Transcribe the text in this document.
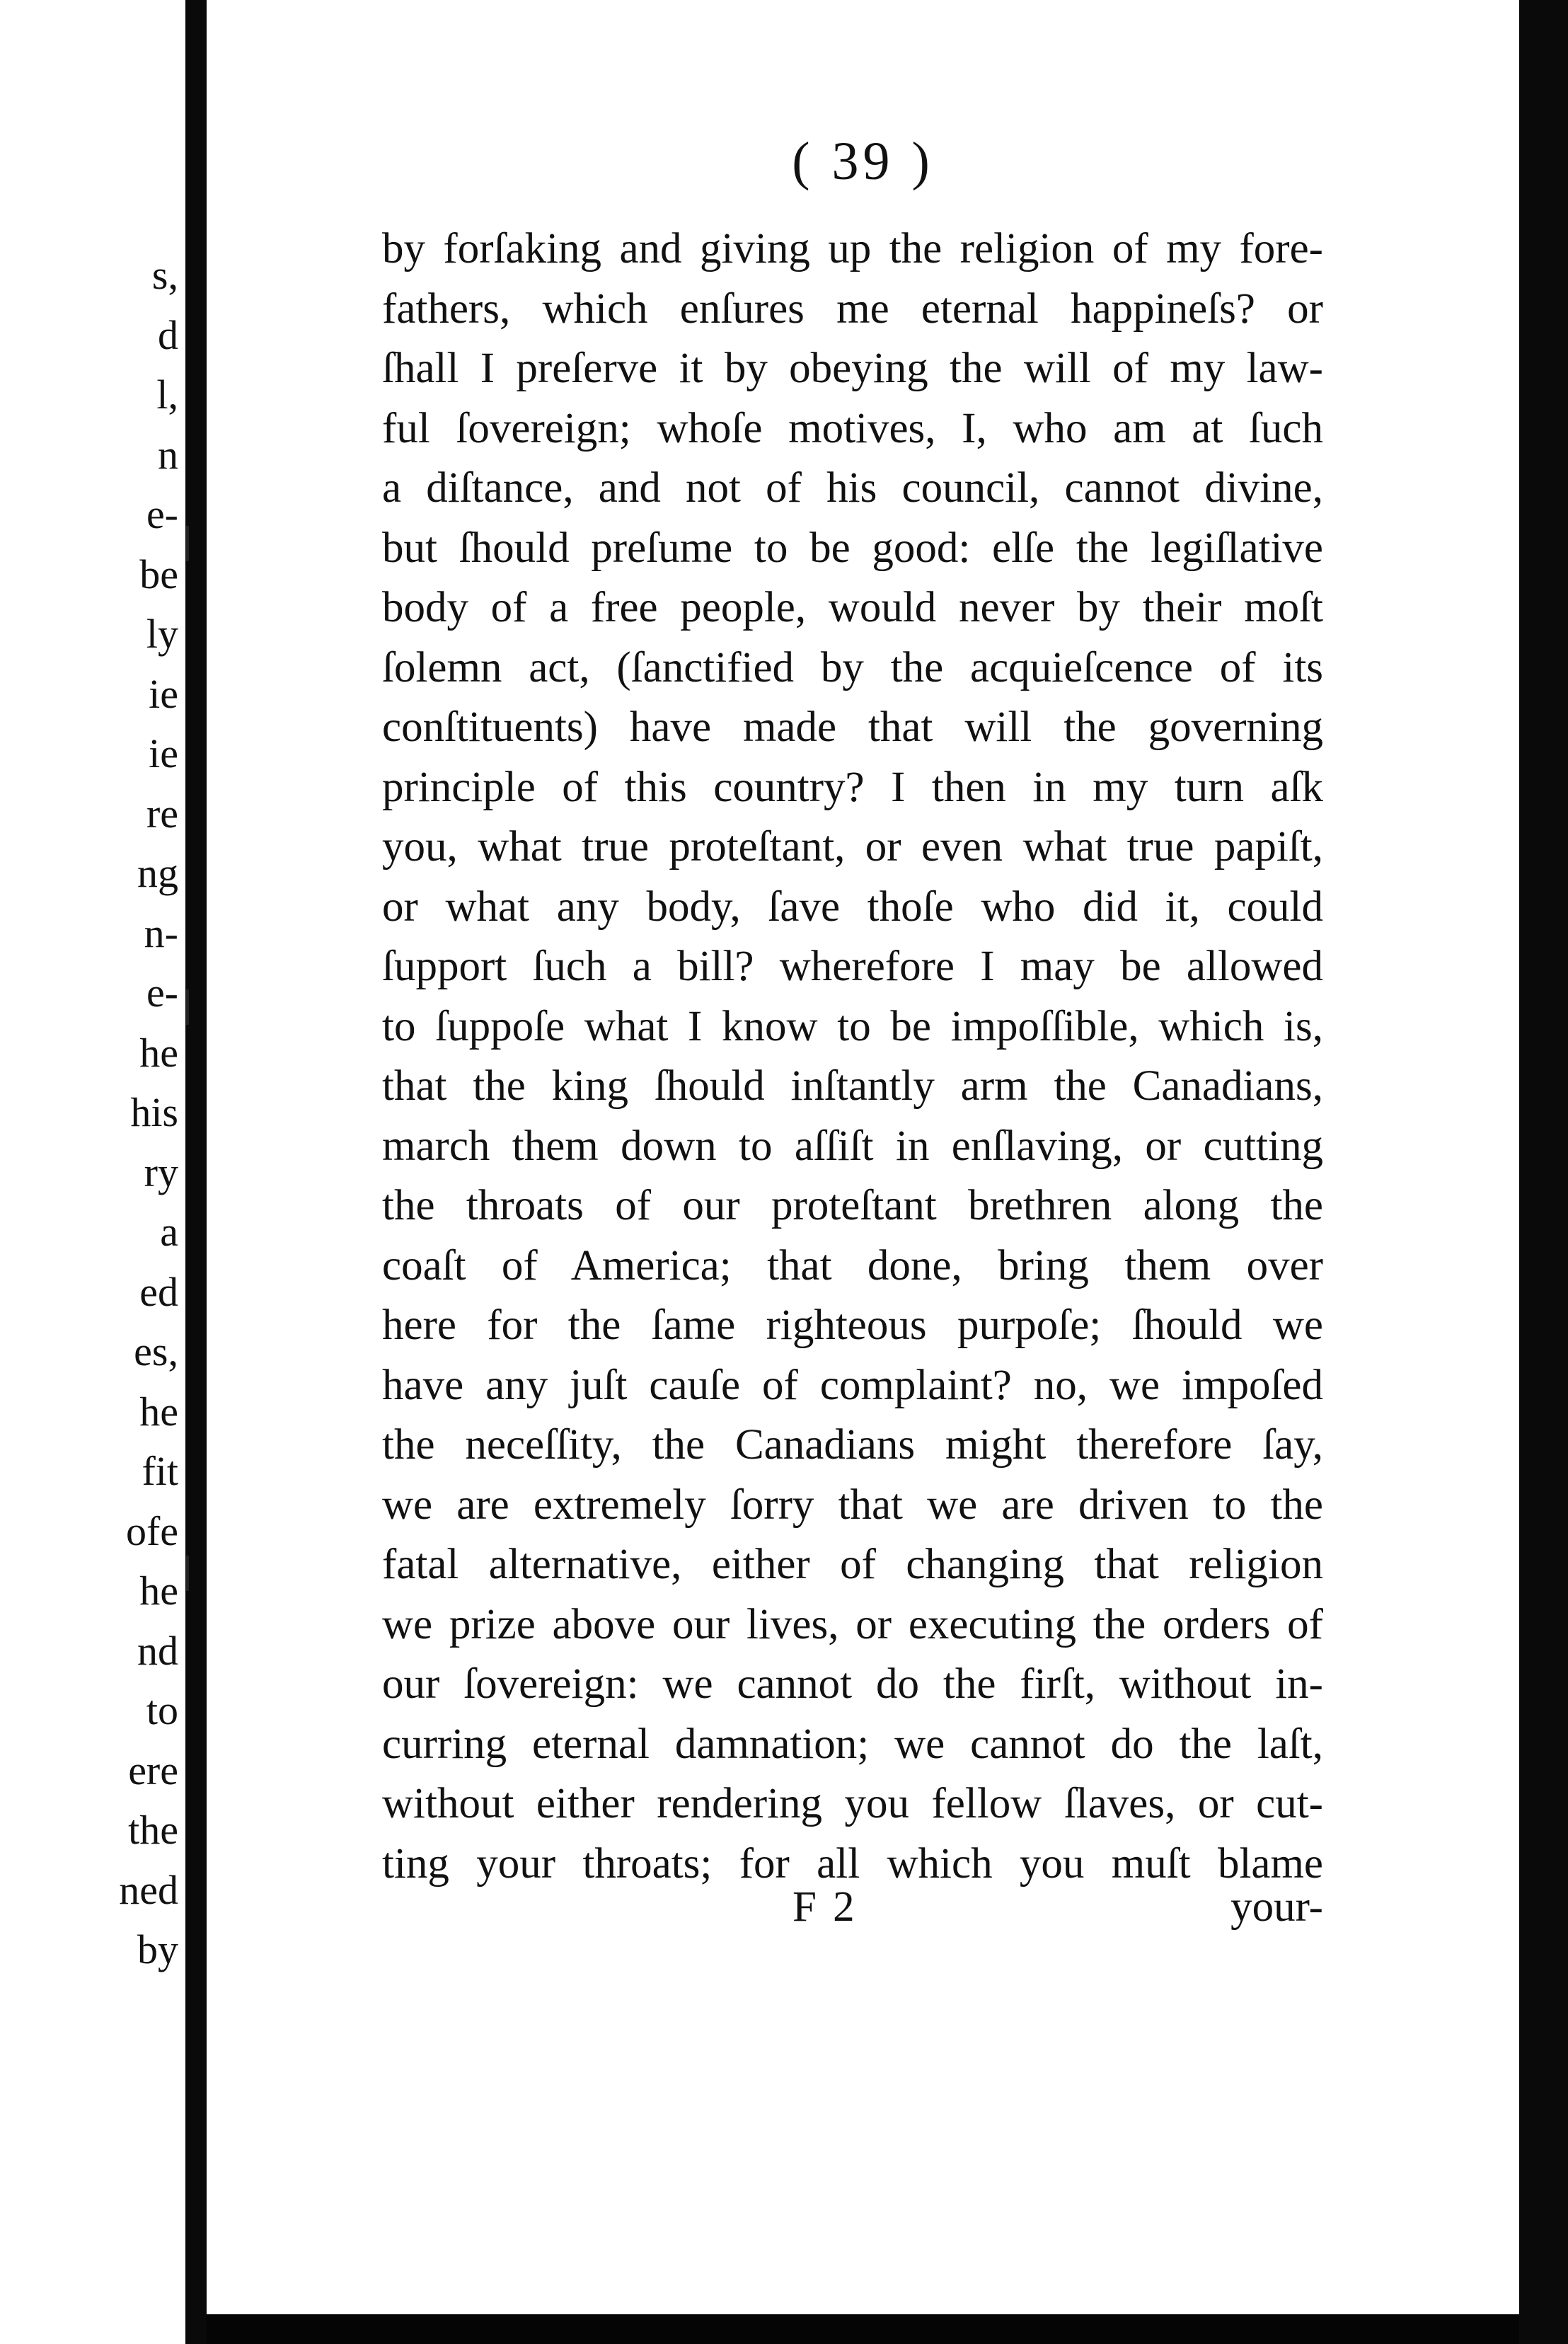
s,
d
l,
n
e-
be
ly
ie
ie
re
ng
n-
e-
he
his
ry
a
ed
es,
he
fit
ofe
he
nd
to
ere
the
ned
by
( 39 )
❘
❘
❘
by forſaking and giving up the religion of my fore-
fathers, which enſures me eternal happineſs? or
ſhall I preſerve it by obeying the will of my law-
ful ſovereign; whoſe motives, I, who am at ſuch
a diſtance, and not of his council, cannot divine,
but ſhould preſume to be good: elſe the legiſlative
body of a free people, would never by their moſt
ſolemn act, (ſanctified by the acquieſcence of its
conſtituents) have made that will the governing
principle of this country? I then in my turn aſk
you, what true proteſtant, or even what true papiſt,
or what any body, ſave thoſe who did it, could
ſupport ſuch a bill? wherefore I may be allowed
to ſuppoſe what I know to be impoſſible, which is,
that the king ſhould inſtantly arm the Canadians,
march them down to aſſiſt in enſlaving, or cutting
the throats of our proteſtant brethren along the
coaſt of America; that done, bring them over
here for the ſame righteous purpoſe; ſhould we
have any juſt cauſe of complaint? no, we impoſed
the neceſſity, the Canadians might therefore ſay,
we are extremely ſorry that we are driven to the
fatal alternative, either of changing that religion
we prize above our lives, or executing the orders of
our ſovereign: we cannot do the firſt, without in-
curring eternal damnation; we cannot do the laſt,
without either rendering you fellow ſlaves, or cut-
ting your throats; for all which you muſt blame
F 2	your-
